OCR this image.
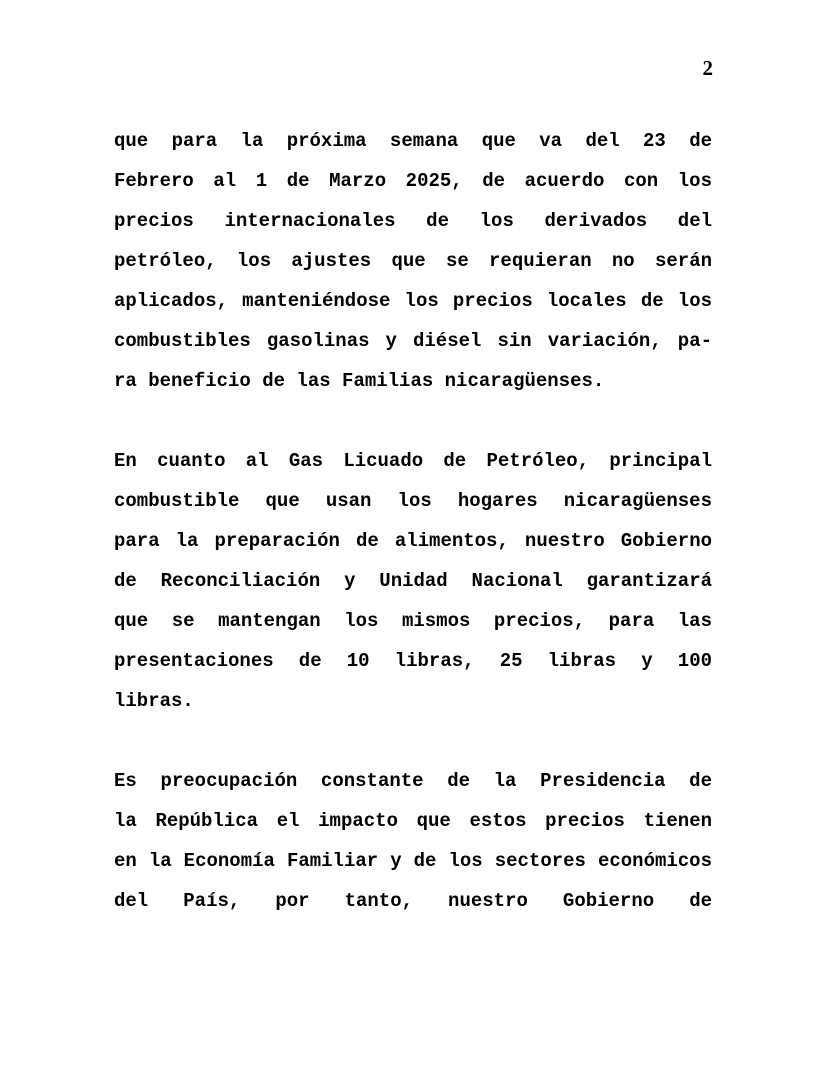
2
que para la próxima semana que va del 23 de
Febrero al 1 de Marzo 2025, de acuerdo con los
precios internacionales de los derivados del
petróleo, los ajustes que se requieran no serán
aplicados, manteniéndose los precios locales de los
combustibles gasolinas y diésel sin variación, pa-
ra beneficio de las Familias nicaragüenses.
En cuanto al Gas Licuado de Petróleo, principal
combustible que usan los hogares nicaragüenses
para la preparación de alimentos, nuestro Gobierno
de Reconciliación y Unidad Nacional garantizará
que se mantengan los mismos precios, para las
presentaciones de 10 libras, 25 libras y 100
libras.
Es preocupación constante de la Presidencia de
la República el impacto que estos precios tienen
en la Economía Familiar y de los sectores económicos
del País, por tanto, nuestro Gobierno de
